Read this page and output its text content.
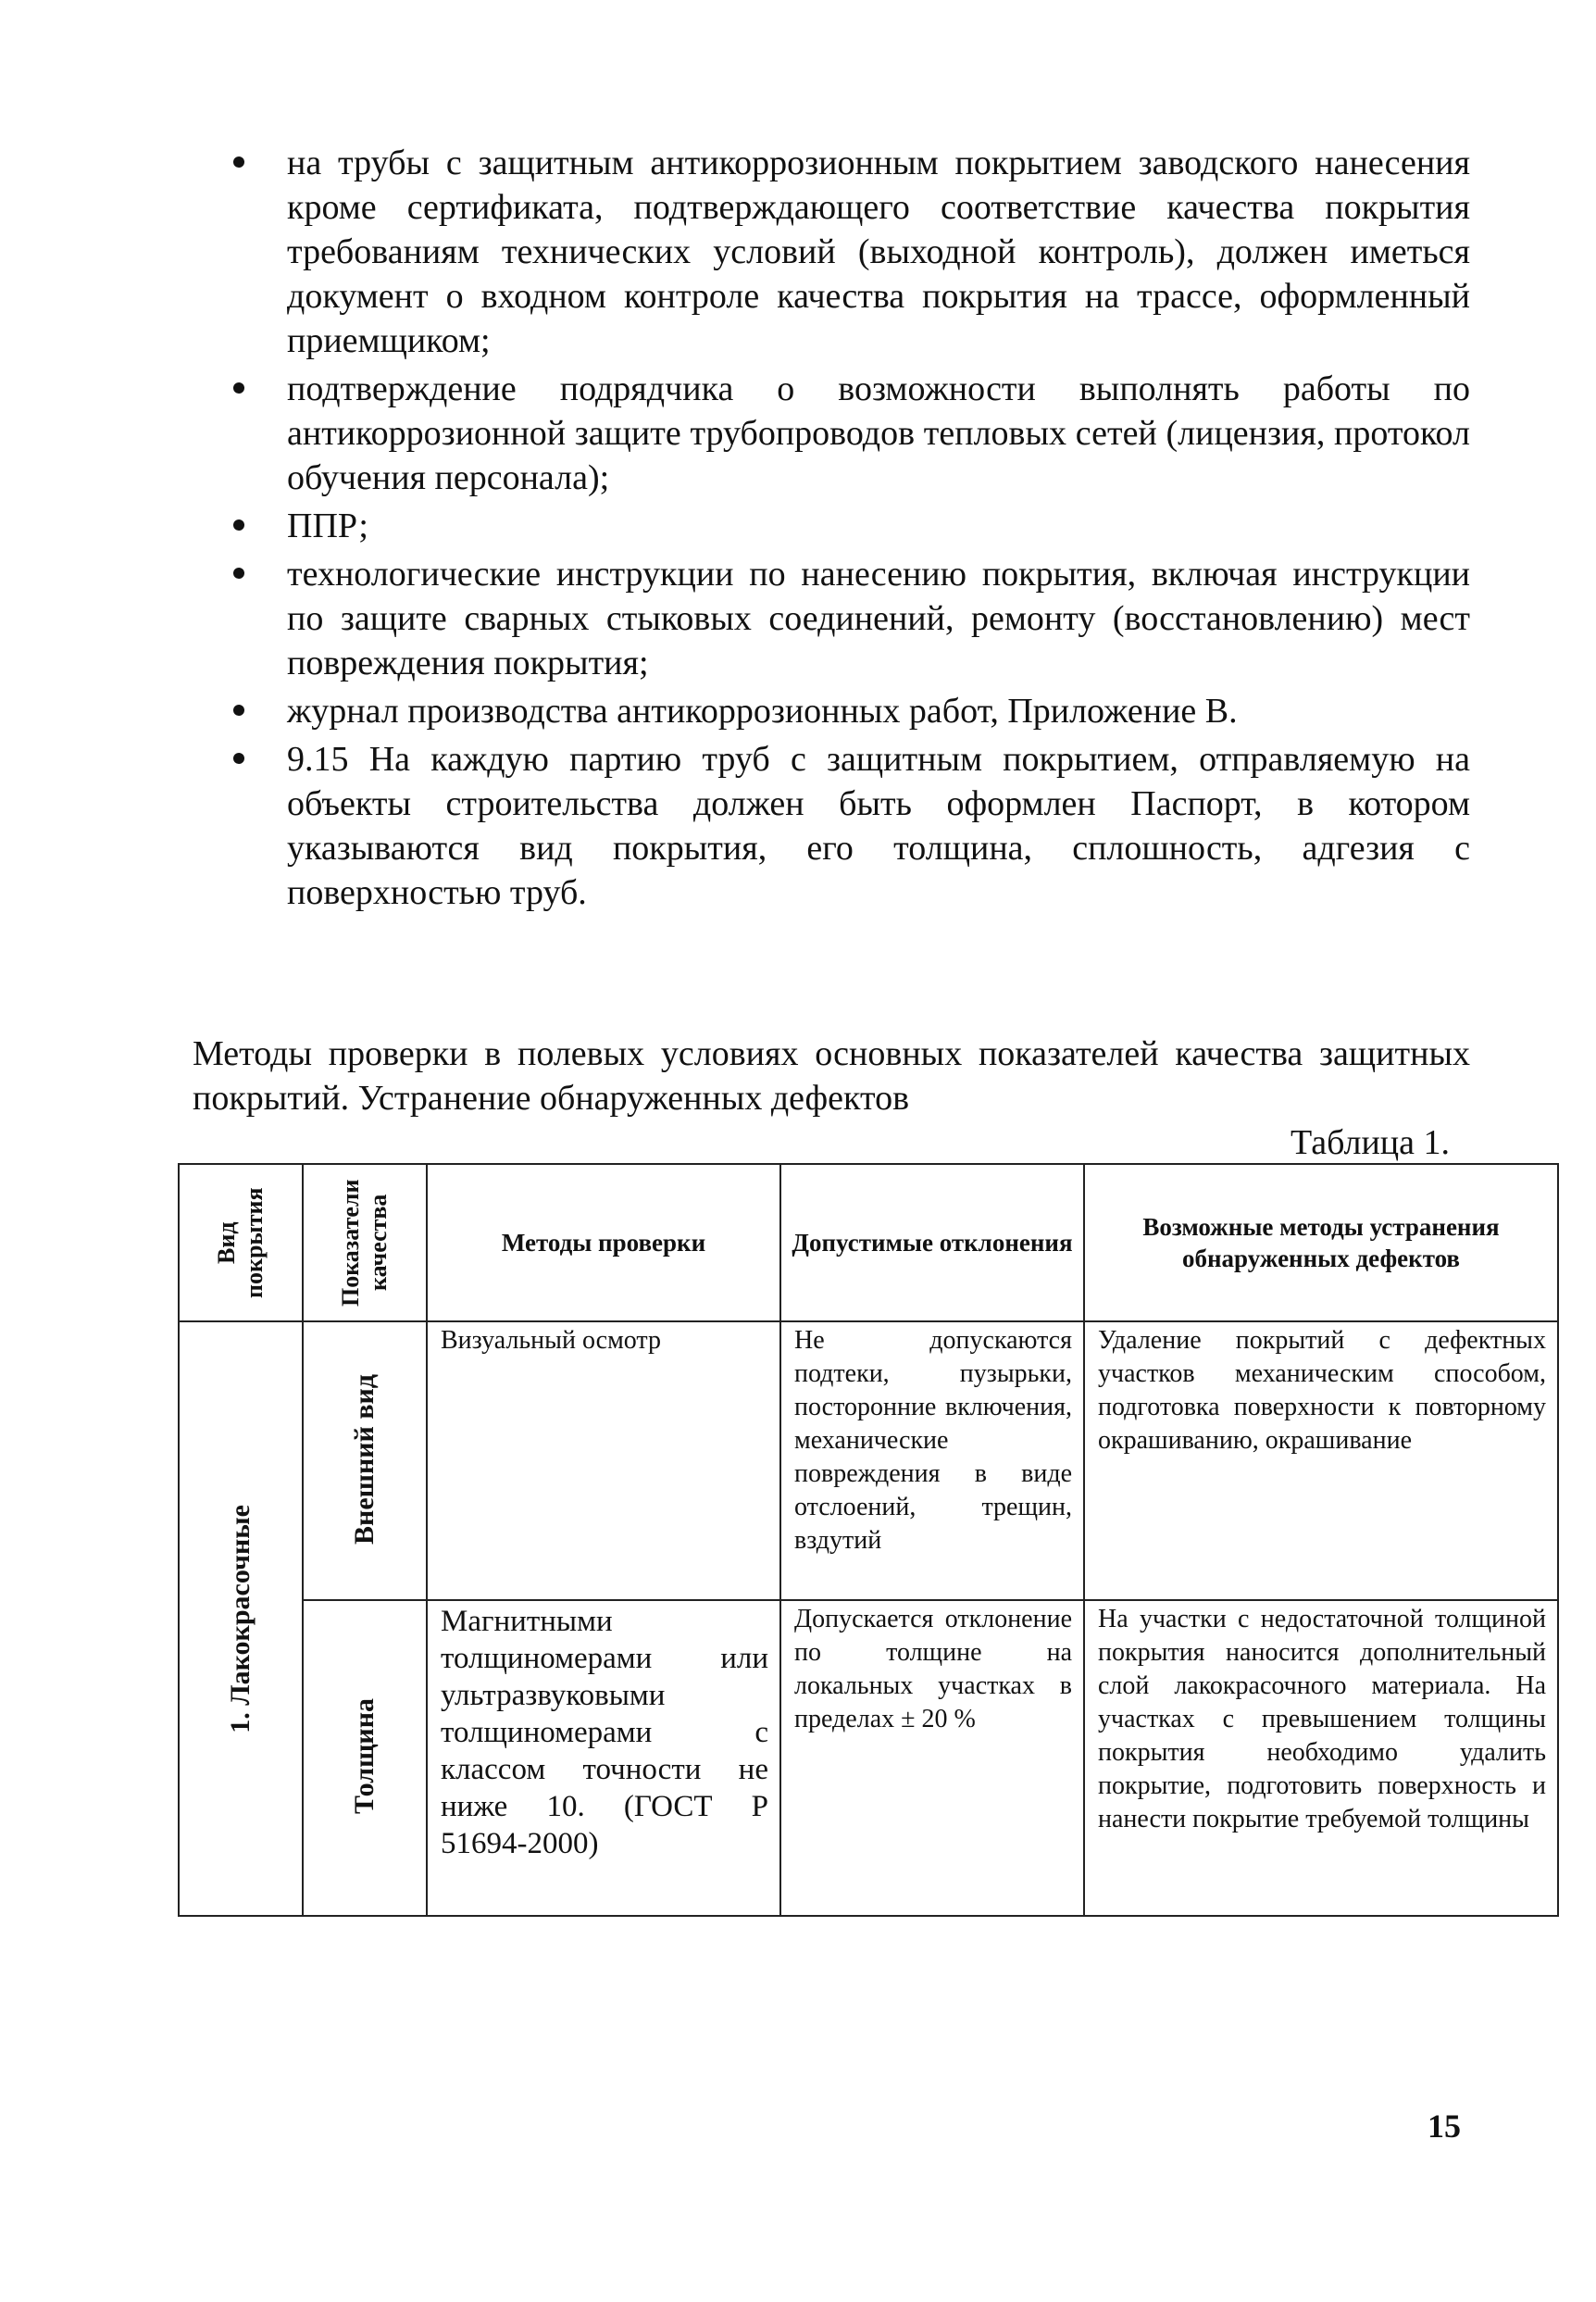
на трубы с защитным антикоррозионным покрытием заводского нанесения кроме сертификата, подтверждающего соответствие качества покрытия требованиям технических условий (выходной контроль), должен иметься документ о входном контроле качества покрытия на трассе, оформленный приемщиком;
подтверждение подрядчика о возможности выполнять работы по антикоррозионной защите трубопроводов тепловых сетей (лицензия, протокол обучения персонала);
ППР;
технологические инструкции по нанесению покрытия, включая инструкции по защите сварных стыковых соединений, ремонту (восстановлению) мест повреждения покрытия;
журнал производства антикоррозионных работ, Приложение В.
9.15 На каждую партию труб с защитным покрытием, отправляемую на объекты строительства должен быть оформлен Паспорт, в котором указываются вид покрытия, его толщина, сплошность, адгезия с поверхностью труб.
Методы проверки в полевых условиях основных показателей качества защитных покрытий. Устранение обнаруженных дефектов
Таблица 1.
Вид покрытия	Показатели качества	Методы проверки	Допустимые отклонения	Возможные методы устранения обнаруженных дефектов

1. Лакокрасочные	Внешний вид	Визуальный осмотр	Не допускаются подтеки, пузырьки, посторонние включения, механические повреждения в виде отслоений, трещин, вздутий	Удаление покрытий с дефектных участков механическим способом, подготовка поверхности к повторному окрашиванию, окрашивание

	Толщина	Магнитными толщиномерами или ультразвуковыми толщиномерами с классом точности не ниже 10. (ГОСТ Р 51694-2000)	Допускается отклонение по толщине на локальных участках в пределах ± 20 %	На участки с недостаточной толщиной покрытия наносится дополнительный слой лакокрасочного материала. На участках с превышением толщины покрытия необходимо удалить покрытие, подготовить поверхность и нанести покрытие требуемой толщины
15
